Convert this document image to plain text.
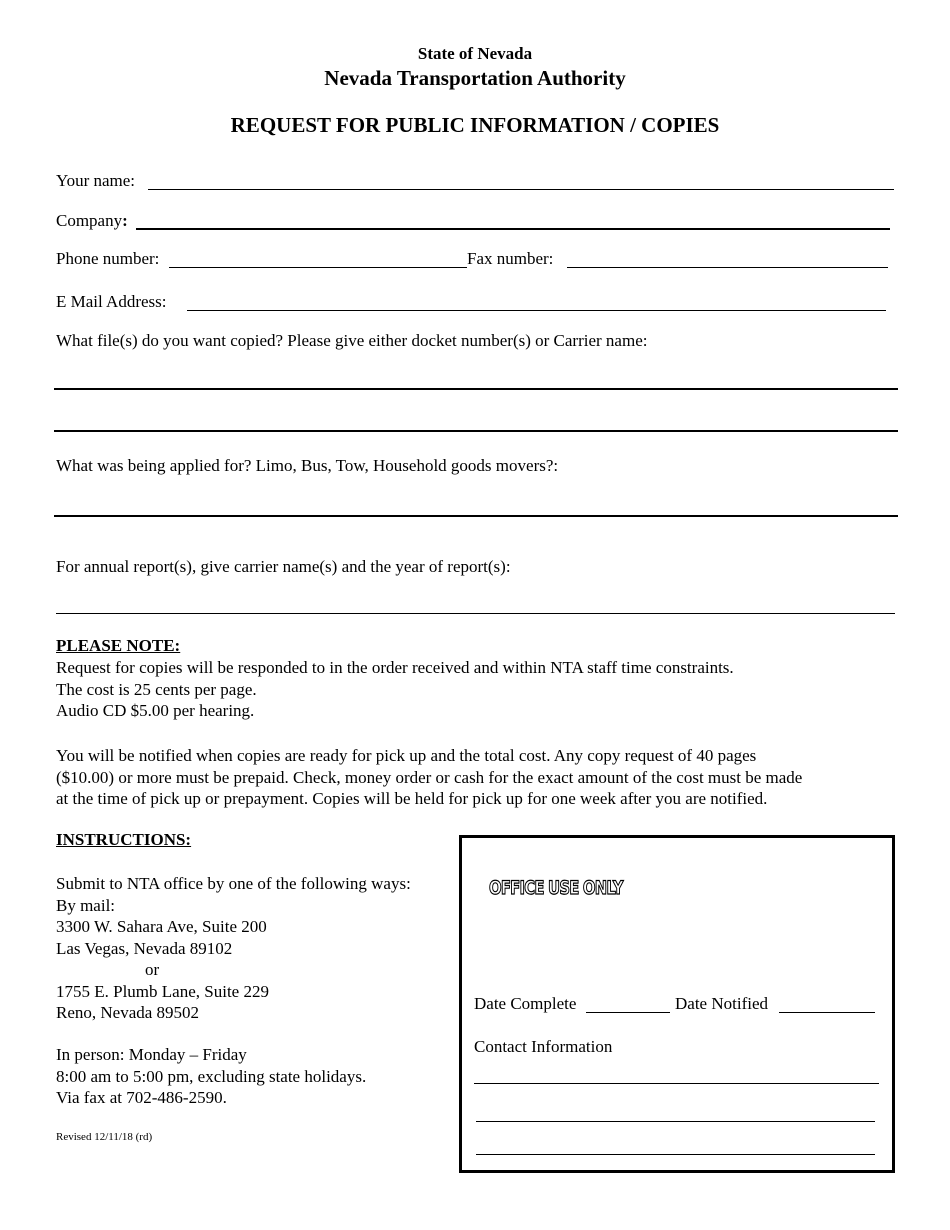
State of Nevada
Nevada Transportation Authority
REQUEST FOR PUBLIC INFORMATION / COPIES
Your name:
Company:
Phone number:	Fax number:
E Mail Address:
What file(s) do you want copied? Please give either docket number(s) or Carrier name:
What was being applied for? Limo, Bus, Tow, Household goods movers?:
For annual report(s), give carrier name(s) and the year of report(s):
PLEASE NOTE:
Request for copies will be responded to in the order received and within NTA staff time constraints.
The cost is 25 cents per page.
Audio CD $5.00 per hearing.
You will be notified when copies are ready for pick up and the total cost. Any copy request of 40 pages
($10.00) or more must be prepaid. Check, money order or cash for the exact amount of the cost must be made
at the time of pick up or prepayment. Copies will be held for pick up for one week after you are notified.
INSTRUCTIONS:
Submit to NTA office by one of the following ways:
By mail:
3300 W. Sahara Ave, Suite 200
Las Vegas, Nevada 89102
or
1755 E. Plumb Lane, Suite 229
Reno, Nevada 89502
In person: Monday – Friday
8:00 am to 5:00 pm, excluding state holidays.
Via fax at 702-486-2590.
Revised 12/11/18 (rd)
OFFICE USE ONLY
Date Complete	Date Notified
Contact Information
